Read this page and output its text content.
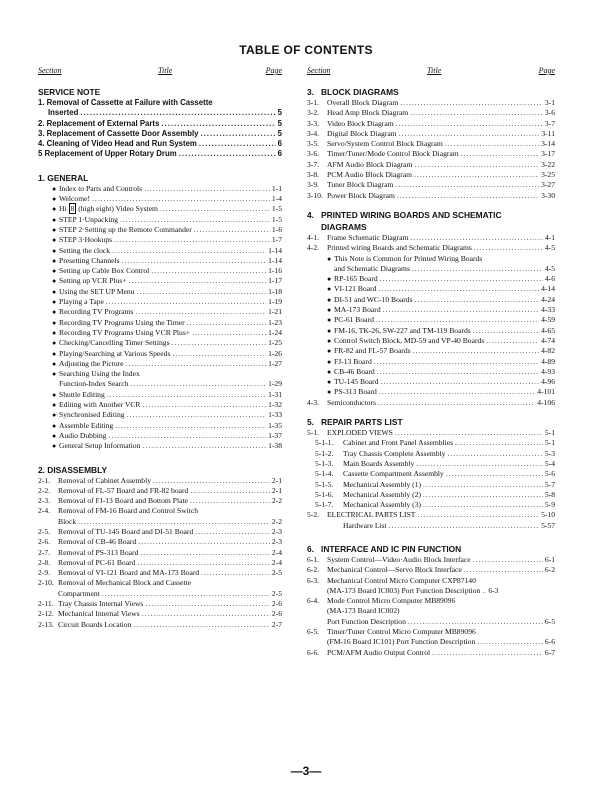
TABLE OF CONTENTS
Section	Title	Page
SERVICE NOTE
1. Removal of Cassette at Failure with Cassette
Inserted .....	5
2. Replacement of External Parts .....	5
3. Replacement of Cassette Door Assembly .....	5
4. Cleaning of Video Head and Run System .....	6
5 Replacement of Upper Rotary Drum .....	6
1. GENERAL
● Index to Parts and Controls .....	1-1
● Welcome! .....	1-4
● Hi 8 (high eight) Video System .....	1-5
● STEP 1·Unpacking .....	1-5
● STEP 2·Setting up the Remote Commander .....	1-6
● STEP 3·Hookups .....	1-7
● Setting the clock .....	1-14
● Presetting Channels .....	1-14
● Setting up Cable Box Control .....	1-16
● Setting up VCR Plus+ .....	1-17
● Using the SET UP Menu .....	1-18
● Playing a Tape .....	1-19
● Recording TV Programs .....	1-21
● Recording TV Programs Using the Timer .....	1-23
● Recording TV Programs Using VCR Plus+ .....	1-24
● Checking/Cancelling Timer Settings .....	1-25
● Playing/Searching at Various Speeds .....	1-26
● Adjusting the Picture .....	1-27
● Searching Using the Index
Function-Index Search .....	1-29
● Shuttle Editing .....	1-31
● Editing with Another VCR .....	1-32
● Synchronised Editing .....	1-33
● Assemble Editing .....	1-35
● Audio Dubbing .....	1-37
● General Setup Information .....	1-38
2. DISASSEMBLY
2-1.	Removal of Cabinet Assembly .....	2-1
2-2.	Removal of FL-57 Board and FR-82 board .....	2-1
2-3.	Removal of FJ-13 Board and Bottom Plate .....	2-2
2-4.	Removal of FM-16 Board and Control Switch
Block .....	2-2
2-5.	Removal of TU-145 Board and DI-51 Board .....	2-3
2-6.	Removal of CB-46 Board .....	2-3
2-7.	Removal of PS-313 Board .....	2-4
2-8.	Removal of PC-61 Board .....	2-4
2-9.	Removal of VI-121 Board and MA-173 Board .....	2-5
2-10. Removal of Mechanical Block and Cassette
Compartment .....	2-5
2-11. Tray Chassis Internal Views .....	2-6
2-12. Mechanical Internal Views .....	2-6
2-13. Circuit Boards Location .....	2-7
Section	Title	Page
3. BLOCK DIAGRAMS
3-1.	Overall Block Diagram .....	3-1
3-2.	Head Amp Block Diagram .....	3-6
3-3.	Video Block Diagram .....	3-7
3-4.	Digital Block Diagram .....	3-11
3-5.	Servo/System Control Block Diagram .....	3-14
3-6.	Timer/Tuner/Mode Control Block Diagram .....	3-17
3-7.	AFM Audio Block Diagram .....	3-22
3-8.	PCM Audio Block Diagram .....	3-25
3-9.	Tuner Block Diagram .....	3-27
3-10. Power Block Diagram .....	3-30
4. PRINTED WIRING BOARDS AND SCHEMATIC
DIAGRAMS
4-1.	Frame Schematic Diagram .....	4-1
4-2.	Printed wiring Boards and Schematic Diagrams .....	4-5
● This Note is Common for Printed Wiring Boards
and Schematic Diagrams .....	4-5
● RP-165 Board .....	4-6
● VI-121 Board .....	4-14
● DI-51 and WC-10 Boards .....	4-24
● MA-173 Board .....	4-33
● PC-61 Board .....	4-59
● FM-16, TK-26, SW-227 and TM-119 Boards .....	4-65
● Control Switch Block, MD-59 and VP-40 Boards .....	4-74
● FR-82 and FL-57 Boards .....	4-82
● FJ-13 Board .....	4-89
● CB-46 Board .....	4-93
● TU-145 Board .....	4-96
● PS-313 Board .....	4-101
4-3.	Semiconductors .....	4-106
5. REPAIR PARTS LIST
5-1.	EXPLODED VIEWS .....	5-1
5-1-1.	Cabinet and Front Panel Assemblies .....	5-1
5-1-2.	Tray Chassis Complete Assembly .....	5-3
5-1-3.	Main Boards Assembly .....	5-4
5-1-4.	Cassette Compartment Assembly .....	5-6
5-1-5.	Mechanical Assembly (1) .....	5-7
5-1-6.	Mechanical Assembly (2) .....	5-8
5-1-7.	Mechanical Assembly (3) .....	5-9
5-2.	ELECTRICAL PARTS LIST .....	5-10
Hardware List .....	5-57
6. INTERFACE AND IC PIN FUNCTION
6-1.	System Control—Video·Audio Block Interface .....	6-1
6-2.	Mechanical Control—Servo Block Interface .....	6-2
6-3.	Mechanical Control Micro Computer CXP87140
(MA-173 Board IC003) Port Function Description ..... 6-3
6-4.	Mode Control Micro Computer MB89096
(MA-173 Board IC002)
Port Function Description .....	6-5
6-5.	Timer/Tuner Control Micro Computer MB89096
(FM-16 Board IC101) Port Function Description .....	6-6
6-6.	PCM/AFM Audio Output Control .....	6-7
—3—
